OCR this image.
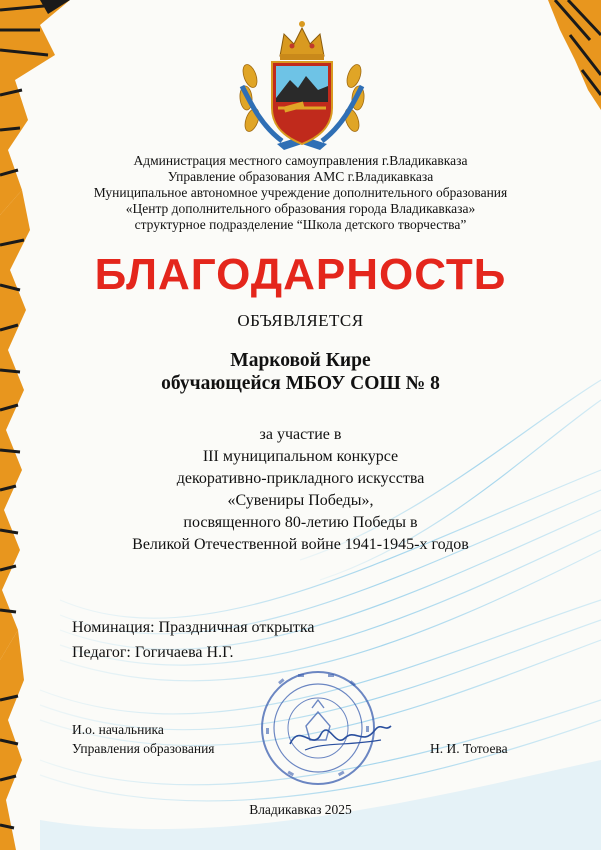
Администрация местного самоуправления г.Владикавказа

Управление образования АМС г.Владикавказа

Муниципальное автономное учреждение дополнительного образования

«Центр дополнительного образования города Владикавказа»

структурное подразделение “Школа детского творчества”

БЛАГОДАРНОСТЬ

ОБЪЯВЛЯЕТСЯ

Марковой Кире

обучающейся МБОУ СОШ № 8

за участие в

III муниципальном конкурсе

декоративно-прикладного искусства

«Сувениры Победы»,

посвященного 80-летию Победы в

Великой Отечественной войне 1941-1945-х годов

Номинация: Праздничная открытка

Педагог: Гогичаева Н.Г.

И.о. начальника

Управления образования	Н. И. Тотоева

Владикавказ 2025
